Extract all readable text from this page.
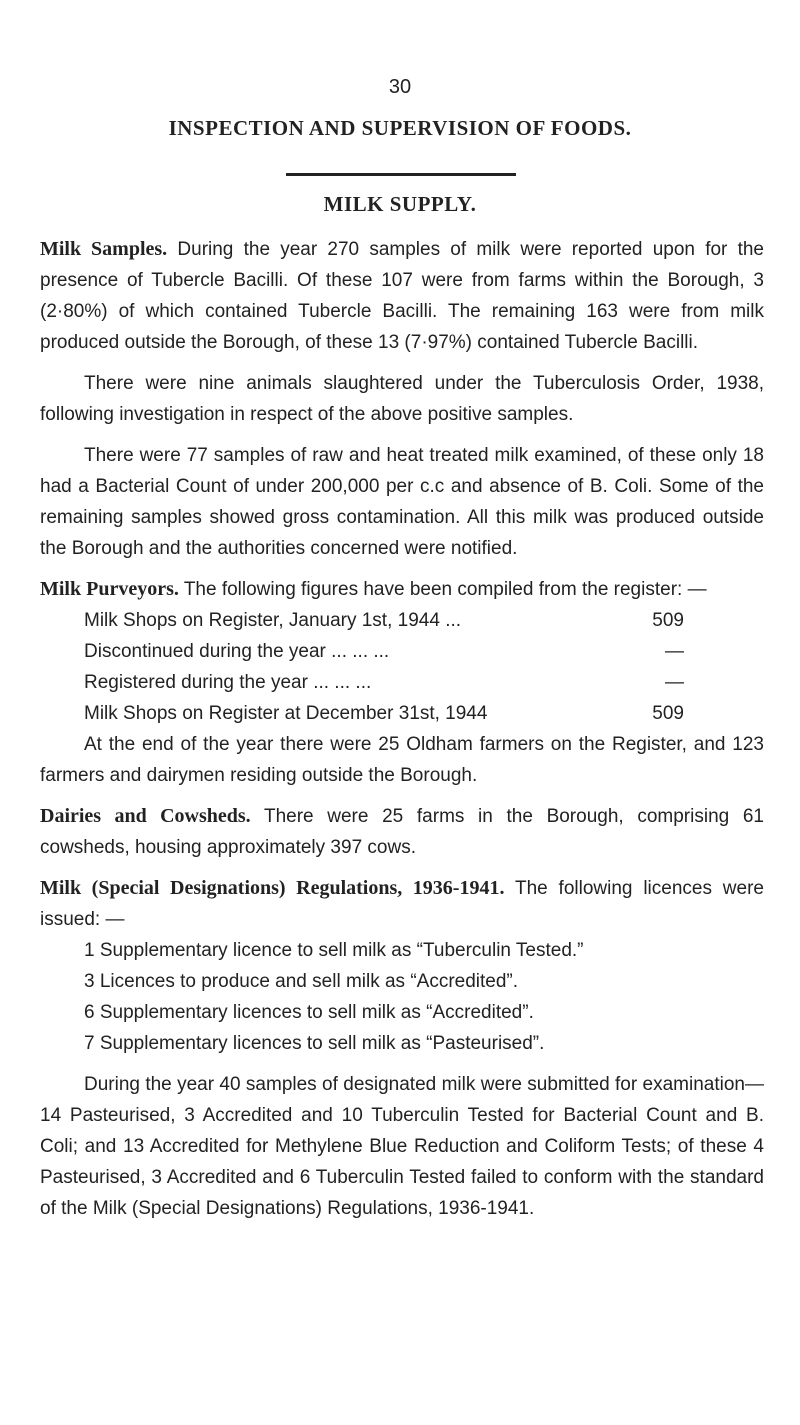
30
INSPECTION AND SUPERVISION OF FOODS.
MILK SUPPLY.

Milk Samples. During the year 270 samples of milk were reported upon for the presence of Tubercle Bacilli. Of these 107 were from farms within the Borough, 3 (2·80%) of which contained Tubercle Bacilli. The remaining 163 were from milk produced outside the Borough, of these 13 (7·97%) contained Tubercle Bacilli.

There were nine animals slaughtered under the Tuberculosis Order, 1938, following investigation in respect of the above positive samples.

There were 77 samples of raw and heat treated milk examined, of these only 18 had a Bacterial Count of under 200,000 per c.c and absence of B. Coli. Some of the remaining samples showed gross contamination. All this milk was produced outside the Borough and the authorities concerned were notified.

Milk Purveyors. The following figures have been compiled from the register: —

Milk Shops on Register, January 1st, 1944 ...	509
Discontinued during the year ... ... ...	—
Registered during the year ... ... ...	—
Milk Shops on Register at December 31st, 1944	509

At the end of the year there were 25 Oldham farmers on the Register, and 123 farmers and dairymen residing outside the Borough.

Dairies and Cowsheds. There were 25 farms in the Borough, comprising 61 cowsheds, housing approximately 397 cows.

Milk (Special Designations) Regulations, 1936-1941. The following licences were issued: —

1 Supplementary licence to sell milk as “Tuberculin Tested.”
3 Licences to produce and sell milk as “Accredited”.
6 Supplementary licences to sell milk as “Accredited”.
7 Supplementary licences to sell milk as “Pasteurised”.

During the year 40 samples of designated milk were submitted for examination—14 Pasteurised, 3 Accredited and 10 Tuberculin Tested for Bacterial Count and B. Coli; and 13 Accredited for Methylene Blue Reduction and Coliform Tests; of these 4 Pasteurised, 3 Accredited and 6 Tuberculin Tested failed to conform with the standard of the Milk (Special Designations) Regulations, 1936-1941.
